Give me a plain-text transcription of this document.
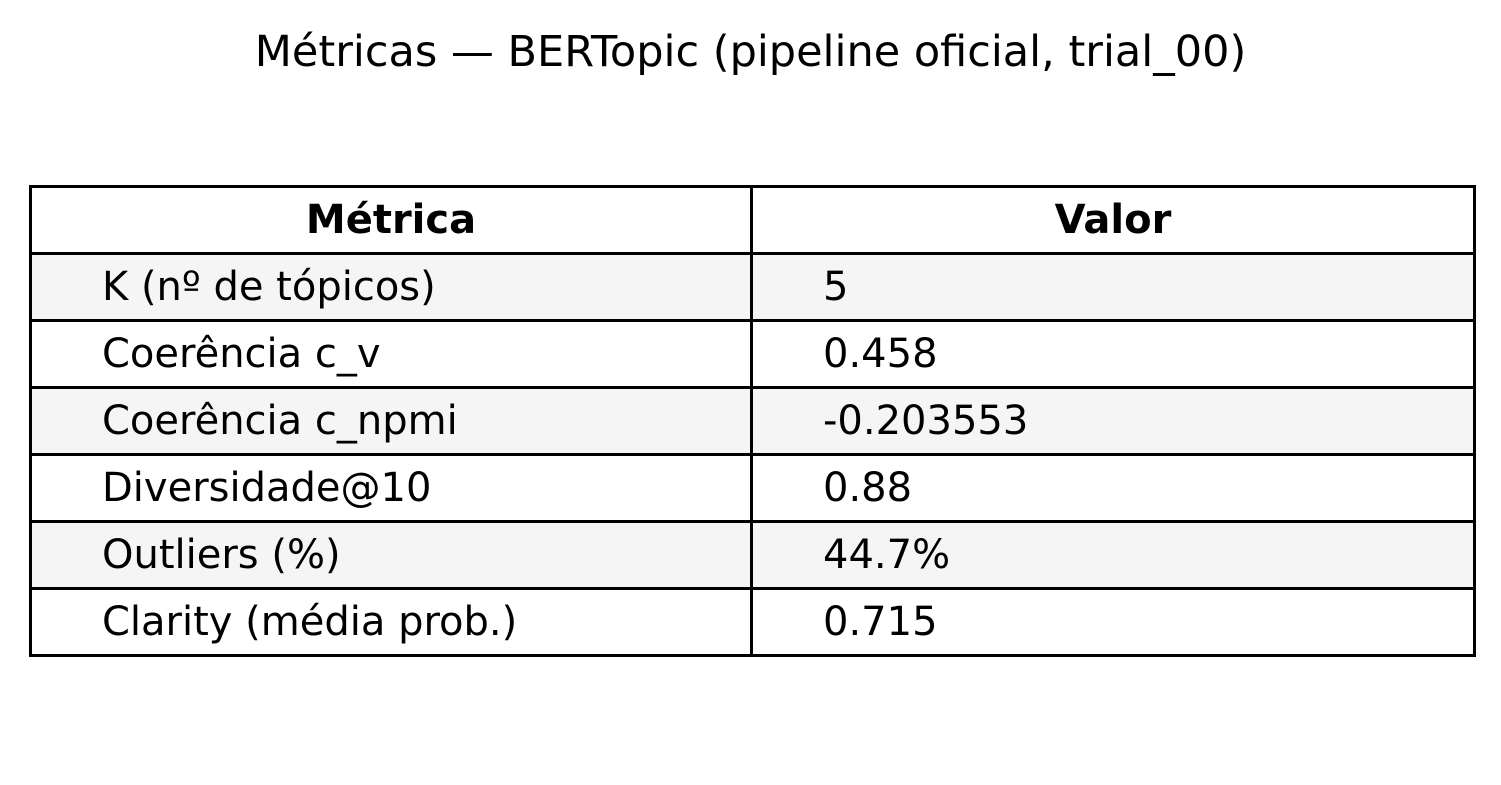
Métricas — BERTopic (pipeline oficial, trial_00)
Métrica	Valor
K (nº de tópicos)	5
Coerência c_v	0.458
Coerência c_npmi	-0.203553
Diversidade@10	0.88
Outliers (%)	44.7%
Clarity (média prob.)	0.715
